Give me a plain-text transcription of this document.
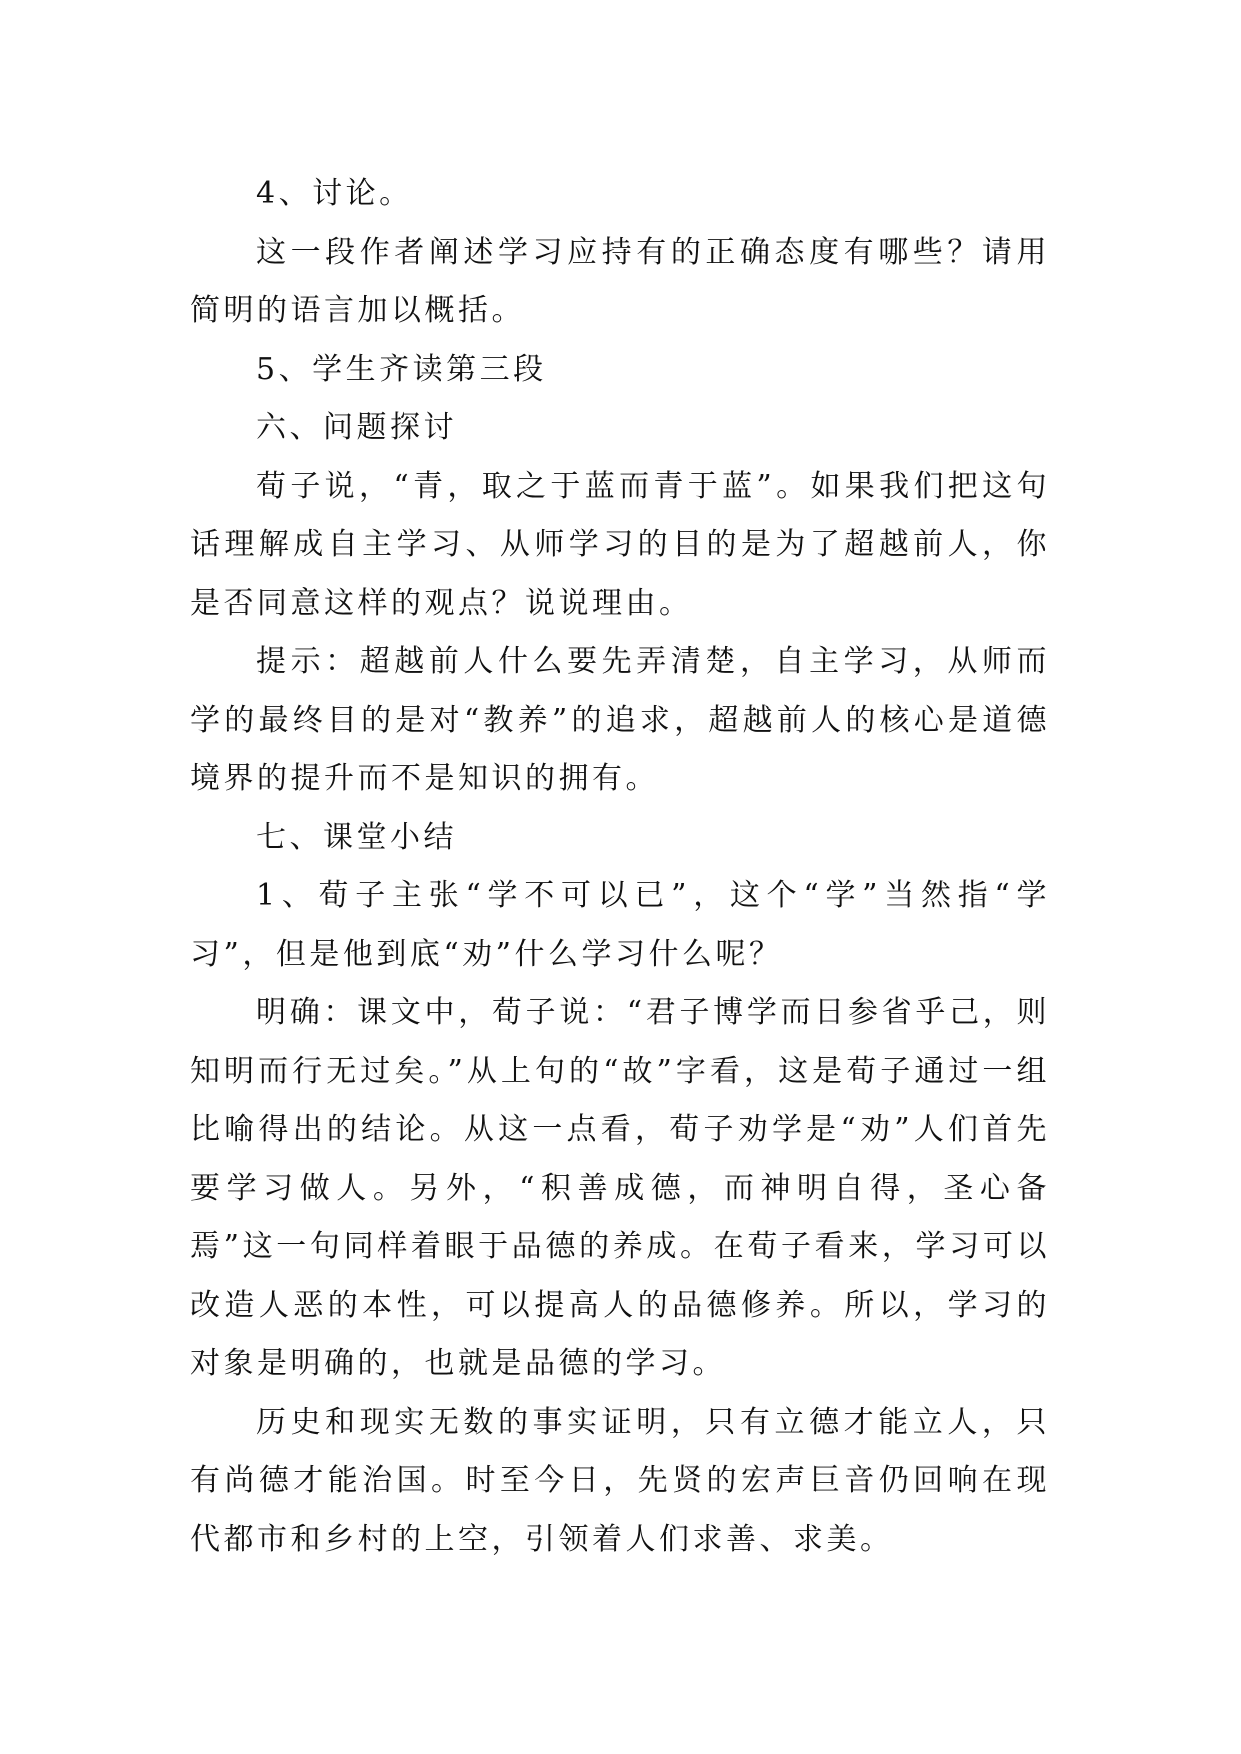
4、讨论。

这一段作者阐述学习应持有的正确态度有哪些？请用简明的语言加以概括。

5、学生齐读第三段

六、问题探讨

荀子说，“青，取之于蓝而青于蓝”。如果我们把这句话理解成自主学习、从师学习的目的是为了超越前人，你是否同意这样的观点？说说理由。

提示：超越前人什么要先弄清楚，自主学习，从师而学的最终目的是对“教养”的追求，超越前人的核心是道德境界的提升而不是知识的拥有。

七、课堂小结

1、荀子主张“学不可以已”，这个“学”当然指“学习”，但是他到底“劝”什么学习什么呢？

明确：课文中，荀子说：“君子博学而日参省乎己，则知明而行无过矣。”从上句的“故”字看，这是荀子通过一组比喻得出的结论。从这一点看，荀子劝学是“劝”人们首先要学习做人。另外，“积善成德，而神明自得，圣心备焉”这一句同样着眼于品德的养成。在荀子看来，学习可以改造人恶的本性，可以提高人的品德修养。所以，学习的对象是明确的，也就是品德的学习。

历史和现实无数的事实证明，只有立德才能立人，只有尚德才能治国。时至今日，先贤的宏声巨音仍回响在现代都市和乡村的上空，引领着人们求善、求美。
